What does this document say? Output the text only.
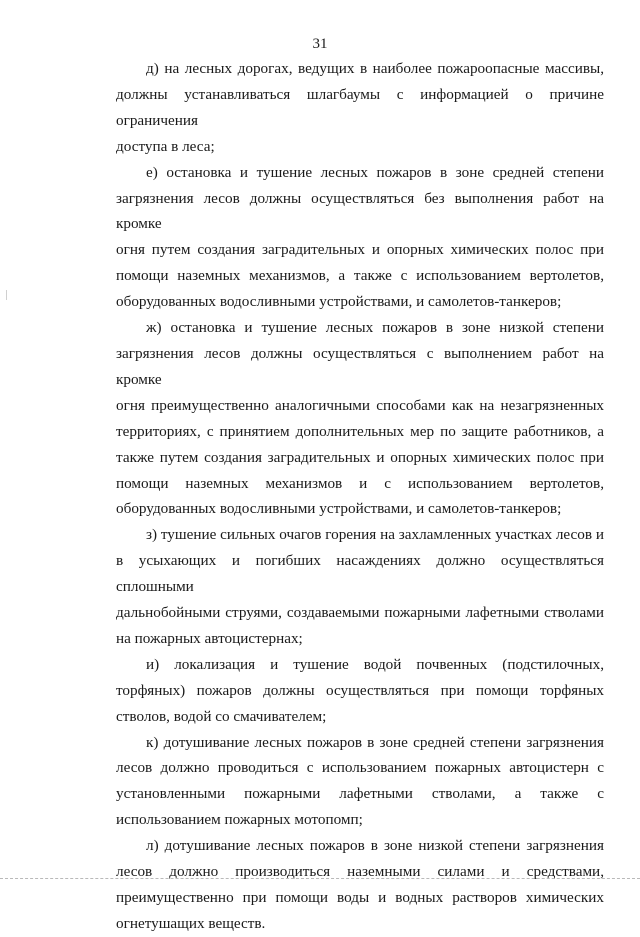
31
д) на лесных дорогах, ведущих в наиболее пожароопасные массивы,
должны устанавливаться шлагбаумы с информацией о причине ограничения
доступа в леса;
е) остановка и тушение лесных пожаров в зоне средней степени
загрязнения лесов должны осуществляться без выполнения работ на кромке
огня путем создания заградительных и опорных химических полос при
помощи наземных механизмов, а также с использованием вертолетов,
оборудованных водосливными устройствами, и самолетов-танкеров;
ж) остановка и тушение лесных пожаров в зоне низкой степени
загрязнения лесов должны осуществляться с выполнением работ на кромке
огня преимущественно аналогичными способами как на незагрязненных
территориях, с принятием дополнительных мер по защите работников, а
также путем создания заградительных и опорных химических полос при
помощи наземных механизмов и с использованием вертолетов,
оборудованных водосливными устройствами, и самолетов-танкеров;
з) тушение сильных очагов горения на захламленных участках лесов и
в усыхающих и погибших насаждениях должно осуществляться сплошными
дальнобойными струями, создаваемыми пожарными лафетными стволами
на пожарных автоцистернах;
и) локализация и тушение водой почвенных (подстилочных,
торфяных) пожаров должны осуществляться при помощи торфяных
стволов, водой со смачивателем;
к) дотушивание лесных пожаров в зоне средней степени загрязнения
лесов должно проводиться с использованием пожарных автоцистерн с
установленными пожарными лафетными стволами, а также с
использованием пожарных мотопомп;
л) дотушивание лесных пожаров в зоне низкой степени загрязнения
лесов должно производиться наземными силами и средствами,
преимущественно при помощи воды и водных растворов химических
огнетушащих веществ.
